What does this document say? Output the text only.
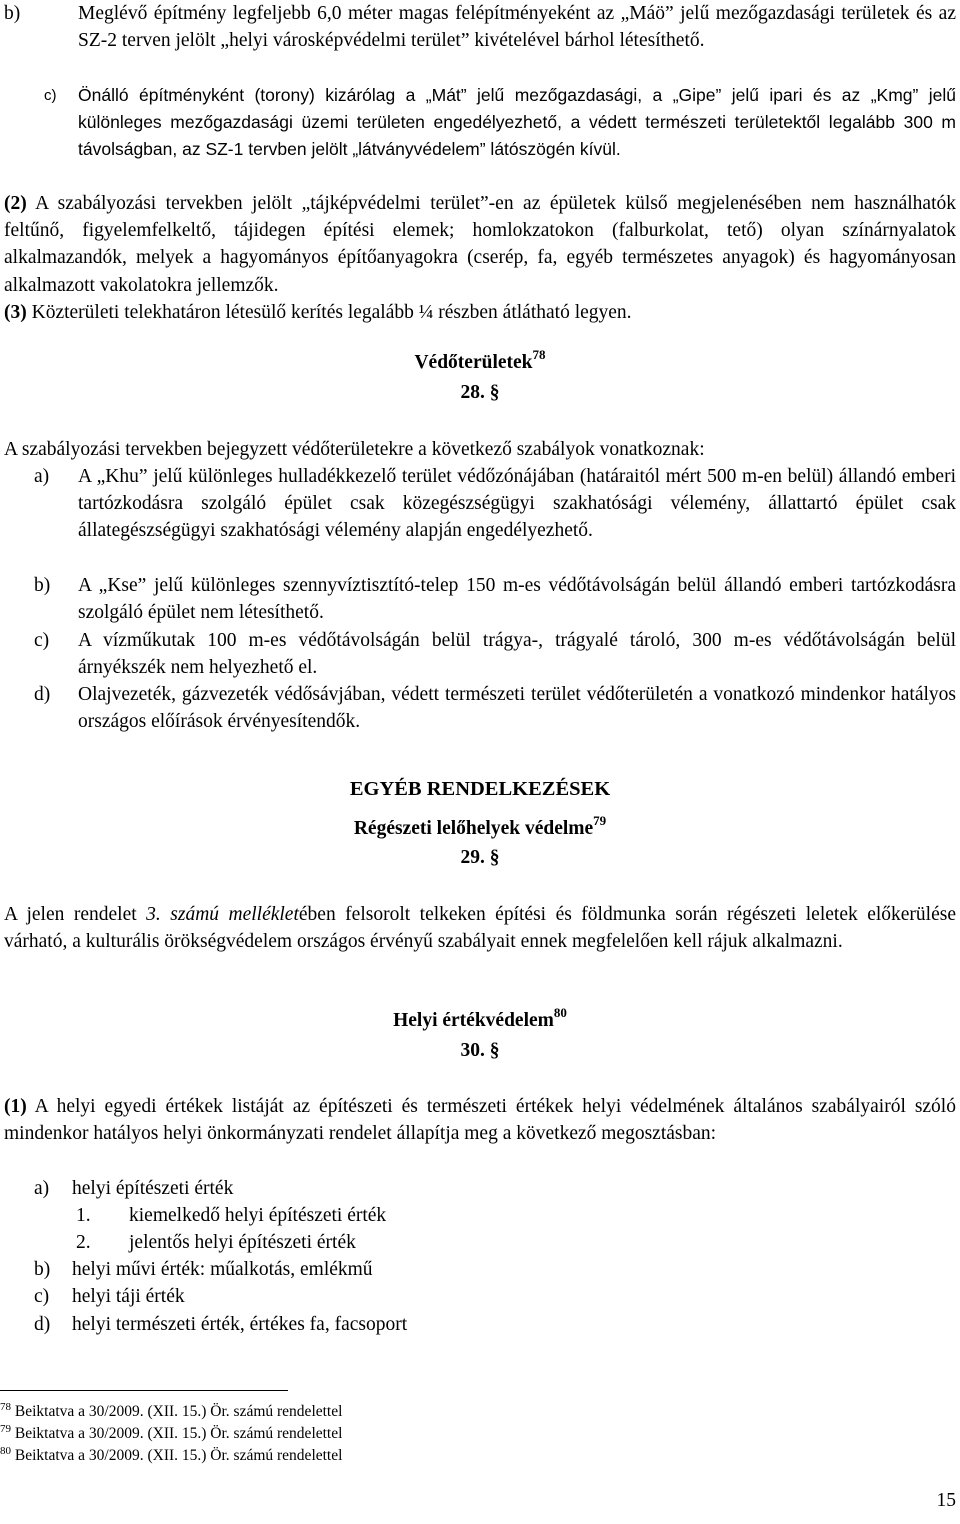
b)	Meglévő építmény legfeljebb 6,0 méter magas felépítményeként az „Máö” jelű mezőgazdasági területek és az SZ-2 terven jelölt „helyi városképvédelmi terület” kivételével bárhol létesíthető.
c) Önálló építményként (torony) kizárólag a „Mát” jelű mezőgazdasági, a „Gipe” jelű ipari és az „Kmg” jelű különleges mezőgazdasági üzemi területen engedélyezhető, a védett természeti területektől legalább 300 m távolságban, az SZ-1 tervben jelölt „látványvédelem” látószögén kívül.
(2) A szabályozási tervekben jelölt „tájképvédelmi terület”-en az épületek külső megjelenésében nem használhatók feltűnő, figyelemfelkeltő, tájidegen építési elemek; homlokzatokon (falburkolat, tető) olyan színárnyalatok alkalmazandók, melyek a hagyományos építőanyagokra (cserép, fa, egyéb természetes anyagok) és hagyományosan alkalmazott vakolatokra jellemzők.
(3) Közterületi telekhatáron létesülő kerítés legalább ¼ részben átlátható legyen.
Védőterületek$^{78}$
28. §
A szabályozási tervekben bejegyzett védőterületekre a következő szabályok vonatkoznak:
a) A „Khu” jelű különleges hulladékkezelő terület védőzónájában (határaitól mért 500 m-en belül) állandó emberi tartózkodásra szolgáló épület csak közegészségügyi szakhatósági vélemény, állattartó épület csak állategészségügyi szakhatósági vélemény alapján engedélyezhető.
b) A „Kse” jelű különleges szennyvíztisztító-telep 150 m-es védőtávolságán belül állandó emberi tartózkodásra szolgáló épület nem létesíthető.
c) A vízműkutak 100 m-es védőtávolságán belül trágya-, trágyalé tároló, 300 m-es védőtávolságán belül árnyékszék nem helyezhető el.
d) Olajvezeték, gázvezeték védősávjában, védett természeti terület védőterületén a vonatkozó mindenkor hatályos országos előírások érvényesítendők.
EGYÉB RENDELKEZÉSEK
Régészeti lelőhelyek védelme$^{79}$
29. §
A jelen rendelet 3. számú mellékletében felsorolt telkeken építési és földmunka során régészeti leletek előkerülése várható, a kulturális örökségvédelem országos érvényű szabályait ennek megfelelően kell rájuk alkalmazni.
Helyi értékvédelem$^{80}$
30. §
(1) A helyi egyedi értékek listáját az építészeti és természeti értékek helyi védelmének általános szabályairól szóló mindenkor hatályos helyi önkormányzati rendelet állapítja meg a következő megosztásban:
a) helyi építészeti érték
1. kiemelkedő helyi építészeti érték
2. jelentős helyi építészeti érték
b) helyi művi érték: műalkotás, emlékmű
c) helyi táji érték
d) helyi természeti érték, értékes fa, facsoport
$^{78}$ Beiktatva a 30/2009. (XII. 15.) Ör. számú rendelettel
$^{79}$ Beiktatva a 30/2009. (XII. 15.) Ör. számú rendelettel
$^{80}$ Beiktatva a 30/2009. (XII. 15.) Ör. számú rendelettel
15
